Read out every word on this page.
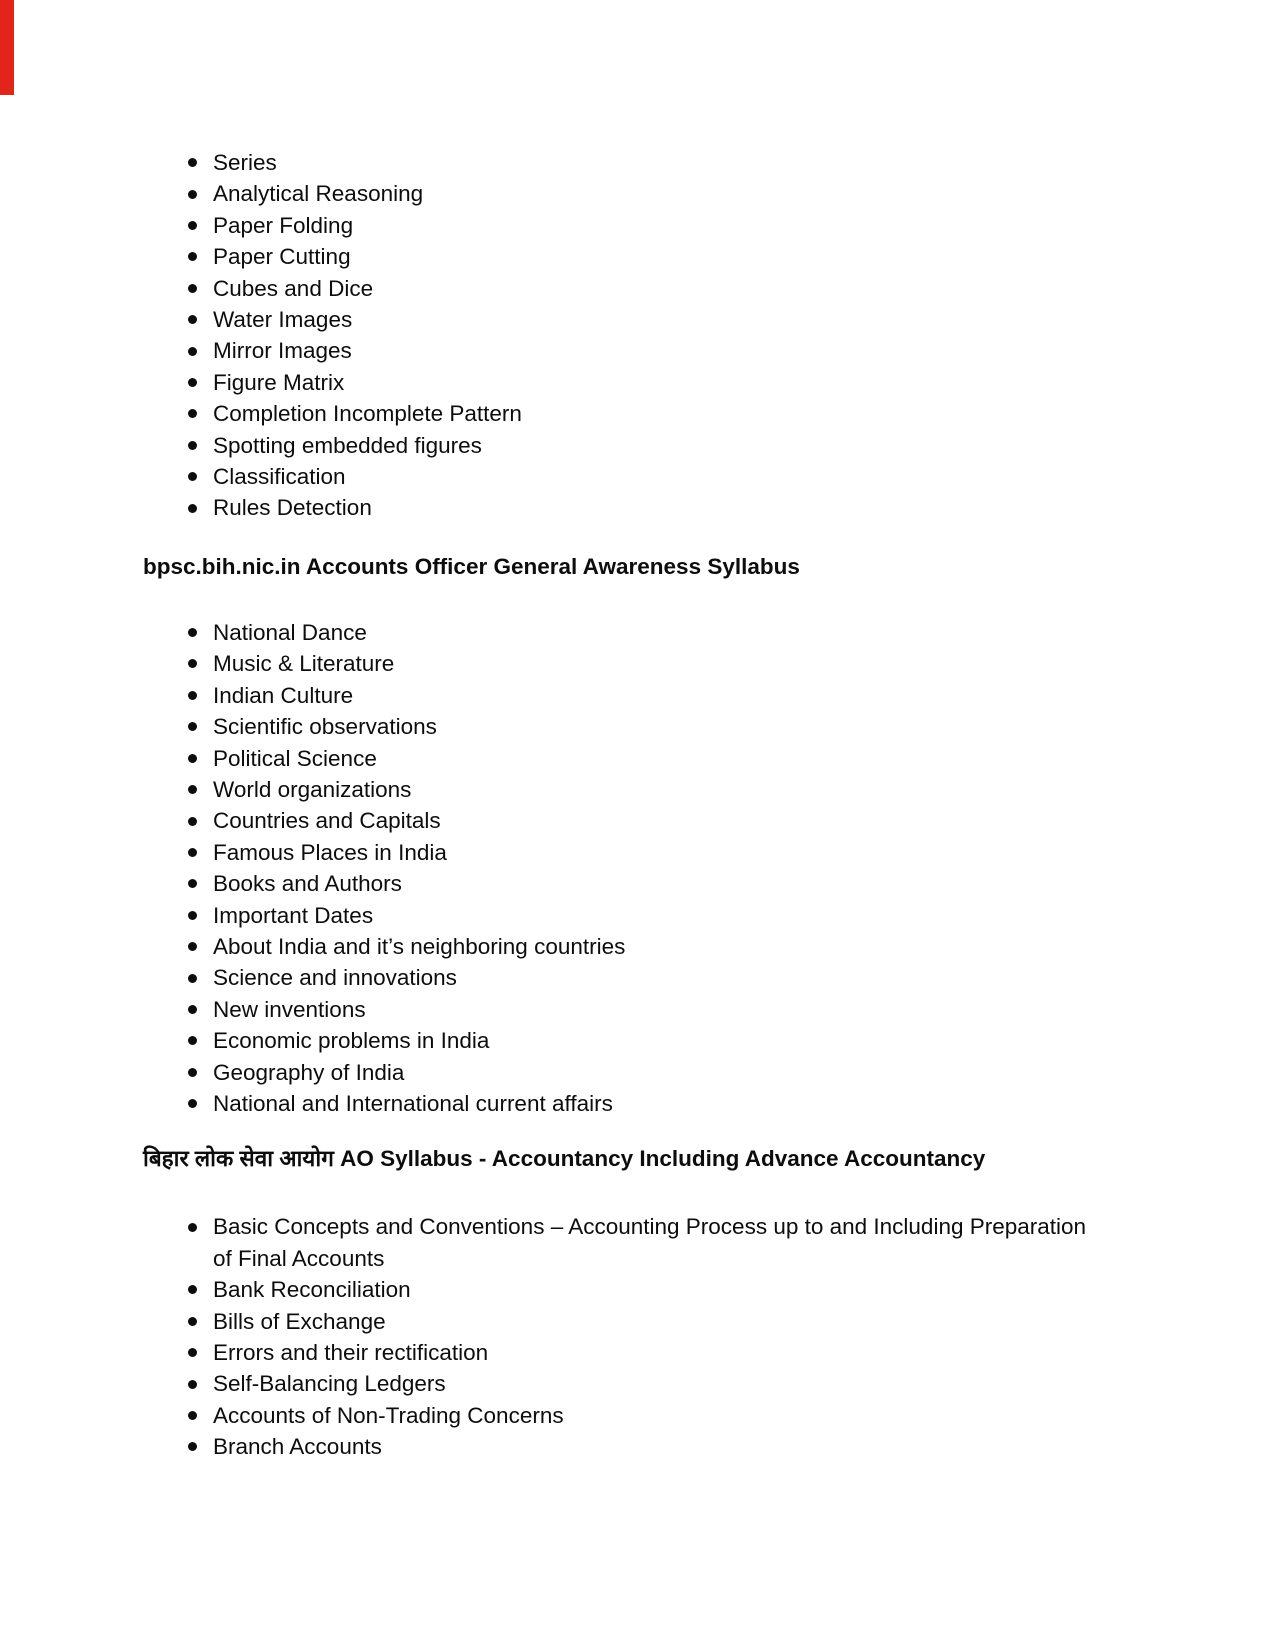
Series
Analytical Reasoning
Paper Folding
Paper Cutting
Cubes and Dice
Water Images
Mirror Images
Figure Matrix
Completion Incomplete Pattern
Spotting embedded figures
Classification
Rules Detection
bpsc.bih.nic.in Accounts Officer General Awareness Syllabus
National Dance
Music & Literature
Indian Culture
Scientific observations
Political Science
World organizations
Countries and Capitals
Famous Places in India
Books and Authors
Important Dates
About India and it’s neighboring countries
Science and innovations
New inventions
Economic problems in India
Geography of India
National and International current affairs
बिहार लोक सेवा आयोग AO Syllabus - Accountancy Including Advance Accountancy
Basic Concepts and Conventions – Accounting Process up to and Including Preparation of Final Accounts
Bank Reconciliation
Bills of Exchange
Errors and their rectification
Self-Balancing Ledgers
Accounts of Non-Trading Concerns
Branch Accounts
